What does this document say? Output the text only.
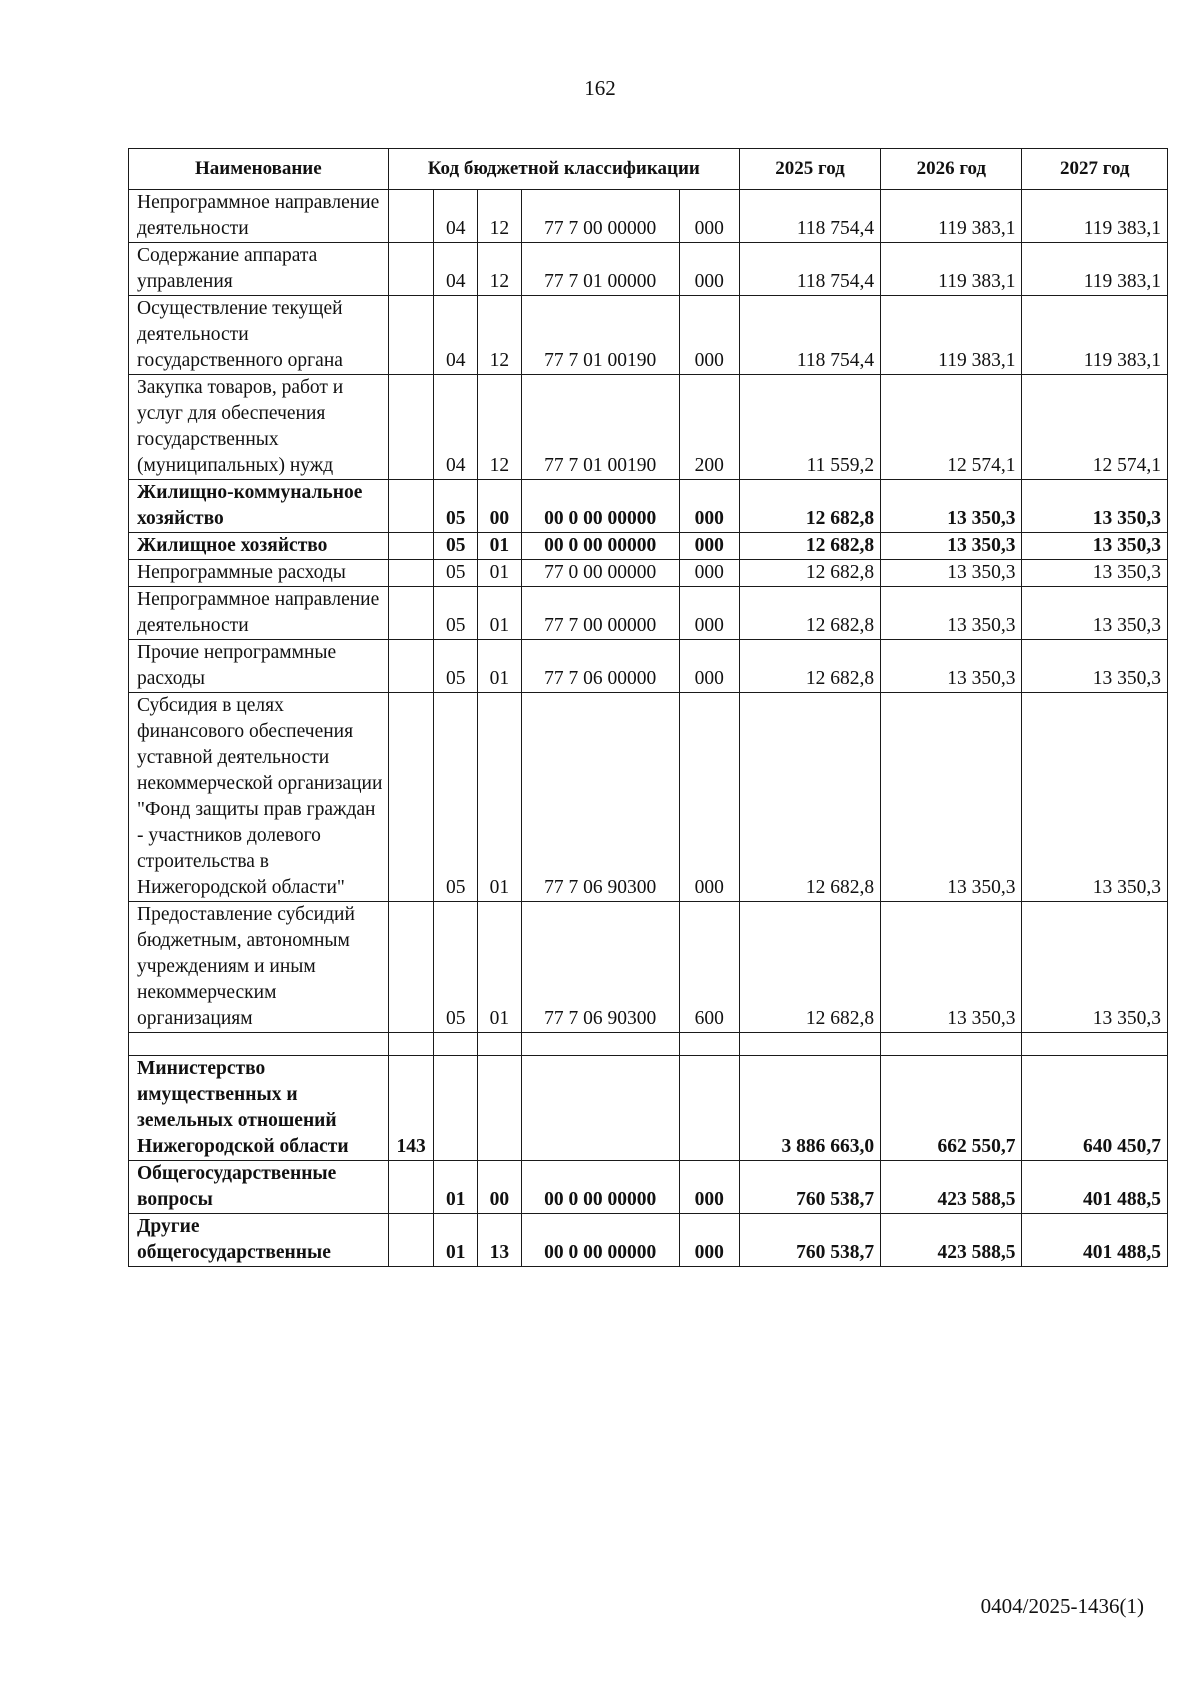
162
Наименование	Код бюджетной классификации					2025 год	2026 год	2027 год
Непрограммное направление деятельности		04	12	77 7 00 00000	000	118 754,4	119 383,1	119 383,1
Содержание аппарата управления		04	12	77 7 01 00000	000	118 754,4	119 383,1	119 383,1
Осуществление текущей деятельности государственного органа		04	12	77 7 01 00190	000	118 754,4	119 383,1	119 383,1
Закупка товаров, работ и услуг для обеспечения государственных (муниципальных) нужд		04	12	77 7 01 00190	200	11 559,2	12 574,1	12 574,1
Жилищно-коммунальное хозяйство		05	00	00 0 00 00000	000	12 682,8	13 350,3	13 350,3
Жилищное хозяйство		05	01	00 0 00 00000	000	12 682,8	13 350,3	13 350,3
Непрограммные расходы		05	01	77 0 00 00000	000	12 682,8	13 350,3	13 350,3
Непрограммное направление деятельности		05	01	77 7 00 00000	000	12 682,8	13 350,3	13 350,3
Прочие непрограммные расходы		05	01	77 7 06 00000	000	12 682,8	13 350,3	13 350,3
Субсидия в целях финансового обеспечения уставной деятельности некоммерческой организации "Фонд защиты прав граждан - участников долевого строительства в Нижегородской области"		05	01	77 7 06 90300	000	12 682,8	13 350,3	13 350,3
Предоставление субсидий бюджетным, автономным учреждениям и иным некоммерческим организациям		05	01	77 7 06 90300	600	12 682,8	13 350,3	13 350,3

Министерство имущественных и земельных отношений Нижегородской области	143					3 886 663,0	662 550,7	640 450,7
Общегосударственные вопросы		01	00	00 0 00 00000	000	760 538,7	423 588,5	401 488,5
Другие общегосударственные		01	13	00 0 00 00000	000	760 538,7	423 588,5	401 488,5
0404/2025-1436(1)
